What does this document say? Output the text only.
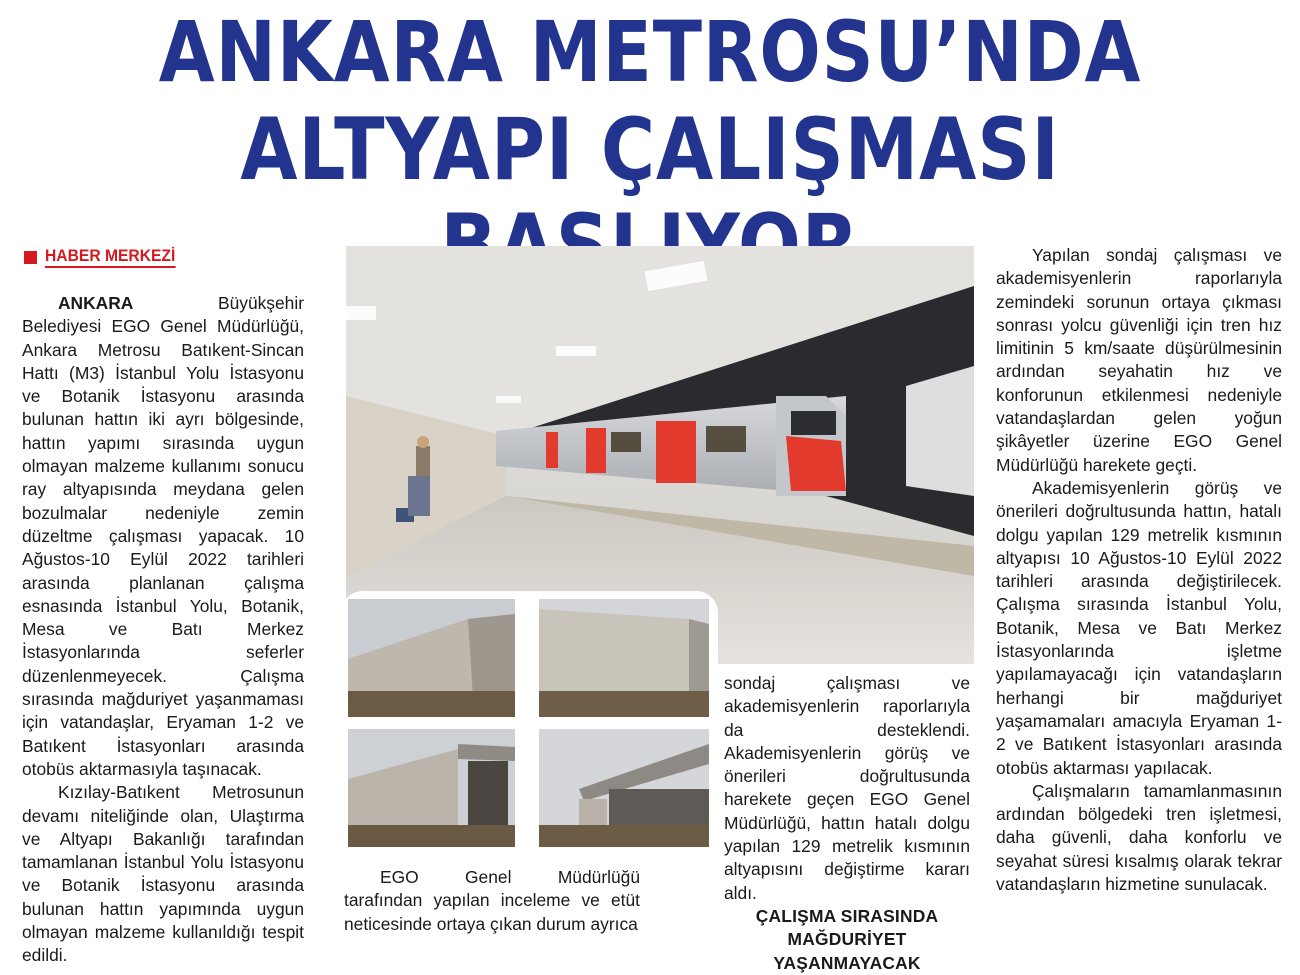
ANKARA METROSU’NDA
ALTYAPI ÇALIŞMASI
HABER MERKEZİ

ANKARA Büyükşehir Belediyesi EGO Genel Müdürlüğü, Ankara Metrosu Batıkent-Sincan Hattı (M3) İstanbul Yolu İstasyonu ve Botanik İstasyonu arasında bulunan hattın iki ayrı bölgesinde, hattın yapımı sırasında uygun olmayan malzeme kullanımı sonucu ray altyapısında meydana gelen bozulmalar nedeniyle zemin düzeltme çalışması yapacak. 10 Ağustos-10 Eylül 2022 tarihleri arasında planlanan çalışma esnasında İstanbul Yolu, Botanik, Mesa ve Batı Merkez İstasyonlarında seferler düzenlenmeyecek. Çalışma sırasında mağduriyet yaşanmaması için vatandaşlar, Eryaman 1-2 ve Batıkent İstasyonları arasında otobüs aktarmasıyla taşınacak.

Kızılay-Batıkent Metrosunun devamı niteliğinde olan, Ulaştırma ve Altyapı Bakanlığı tarafından tamamlanan İstanbul Yolu İstasyonu ve Botanik İstasyonu arasında bulunan hattın yapımında uygun olmayan malzeme kullanıldığı tespit edildi.

EGO Genel Müdürlüğü tarafından yapılan inceleme ve etüt neticesinde ortaya çıkan durum ayrıca

sondaj çalışması ve akademisyenlerin raporlarıyla da desteklendi. Akademisyenlerin görüş ve önerileri doğrultusunda harekete geçen EGO Genel Müdürlüğü, hattın hatalı dolgu yapılan 129 metrelik kısmının altyapısını değiştirme kararı aldı.

ÇALIŞMA SIRASINDA MAĞDURİYET YAŞANMAYACAK

Yapılan sondaj çalışması ve akademisyenlerin raporlarıyla zemindeki sorunun ortaya çıkması sonrası yolcu güvenliği için tren hız limitinin 5 km/saate düşürülmesinin ardından seyahatin hız ve konforunun etkilenmesi nedeniyle vatandaşlardan gelen yoğun şikâyetler üzerine EGO Genel Müdürlüğü harekete geçti.

Akademisyenlerin görüş ve önerileri doğrultusunda hattın, hatalı dolgu yapılan 129 metrelik kısmının altyapısı 10 Ağustos-10 Eylül 2022 tarihleri arasında değiştirilecek. Çalışma sırasında İstanbul Yolu, Botanik, Mesa ve Batı Merkez İstasyonlarında işletme yapılamayacağı için vatandaşların herhangi bir mağduriyet yaşamamaları amacıyla Eryaman 1-2 ve Batıkent İstasyonları arasında otobüs aktarması yapılacak.

Çalışmaların tamamlanmasının ardından bölgedeki tren işletmesi, daha güvenli, daha konforlu ve seyahat süresi kısalmış olarak tekrar vatandaşların hizmetine sunulacak.
